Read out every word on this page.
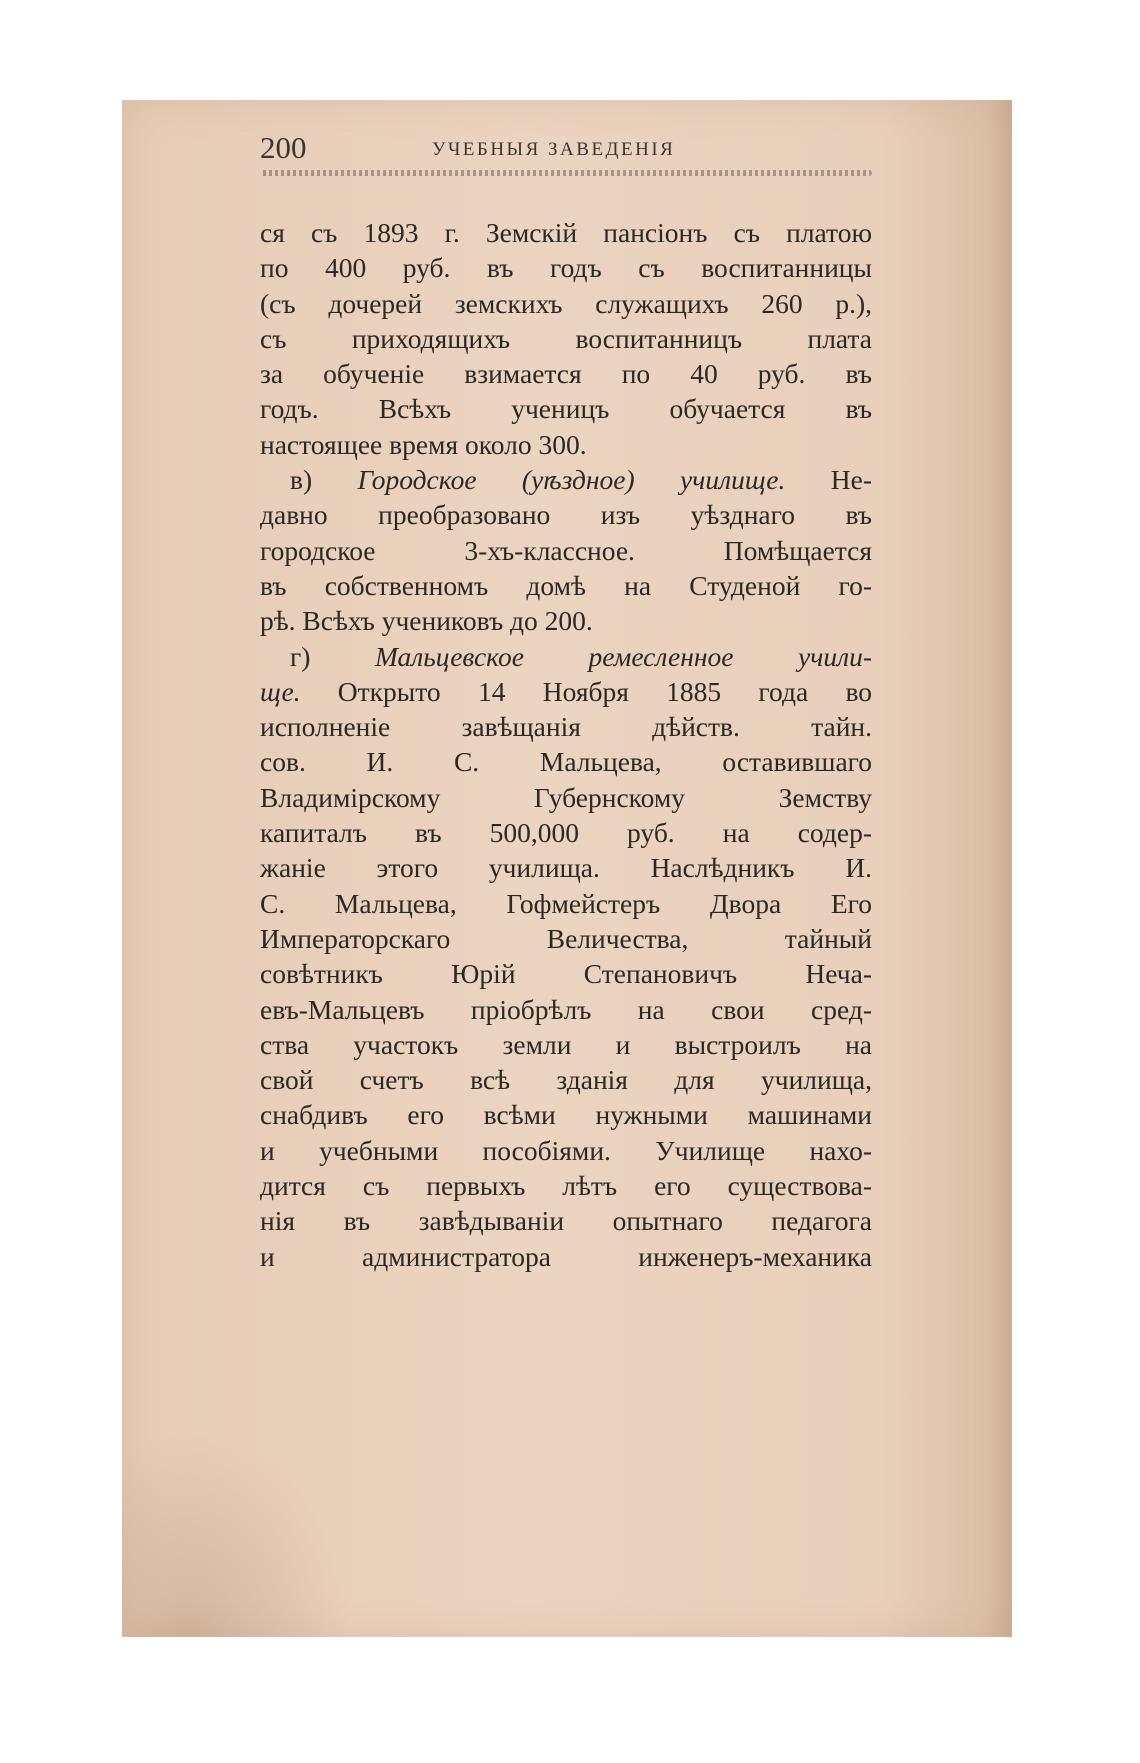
200	УЧЕБНЫЯ ЗАВЕДЕНІЯ
ся съ 1893 г. Земскій пансіонъ съ платою
по 400 руб. въ годъ съ воспитанницы
(съ дочерей земскихъ служащихъ 260 р.),
съ приходящихъ воспитанницъ плата
за обученіе взимается по 40 руб. въ
годъ. Всѣхъ ученицъ обучается въ
настоящее время около 300.
в) Городское (уѣздное) училище. Не-
давно преобразовано изъ уѣзднаго въ
городское 3-хъ-классное. Помѣщается
въ собственномъ домѣ на Студеной го-
рѣ. Всѣхъ учениковъ до 200.
г) Мальцевское ремесленное учили-
ще. Открыто 14 Ноября 1885 года во
исполненіе завѣщанія дѣйств. тайн.
сов. И. С. Мальцева, оставившаго
Владимірскому Губернскому Земству
капиталъ въ 500,000 руб. на содер-
жаніе этого училища. Наслѣдникъ И.
С. Мальцева, Гофмейстеръ Двора Его
Императорскаго Величества, тайный
совѣтникъ Юрій Степановичъ Неча-
евъ-Мальцевъ пріобрѣлъ на свои сред-
ства участокъ земли и выстроилъ на
свой счетъ всѣ зданія для училища,
снабдивъ его всѣми нужными машинами
и учебными пособіями. Училище нахо-
дится съ первыхъ лѣтъ его существова-
нія въ завѣдываніи опытнаго педагога
и администратора инженеръ-механика
